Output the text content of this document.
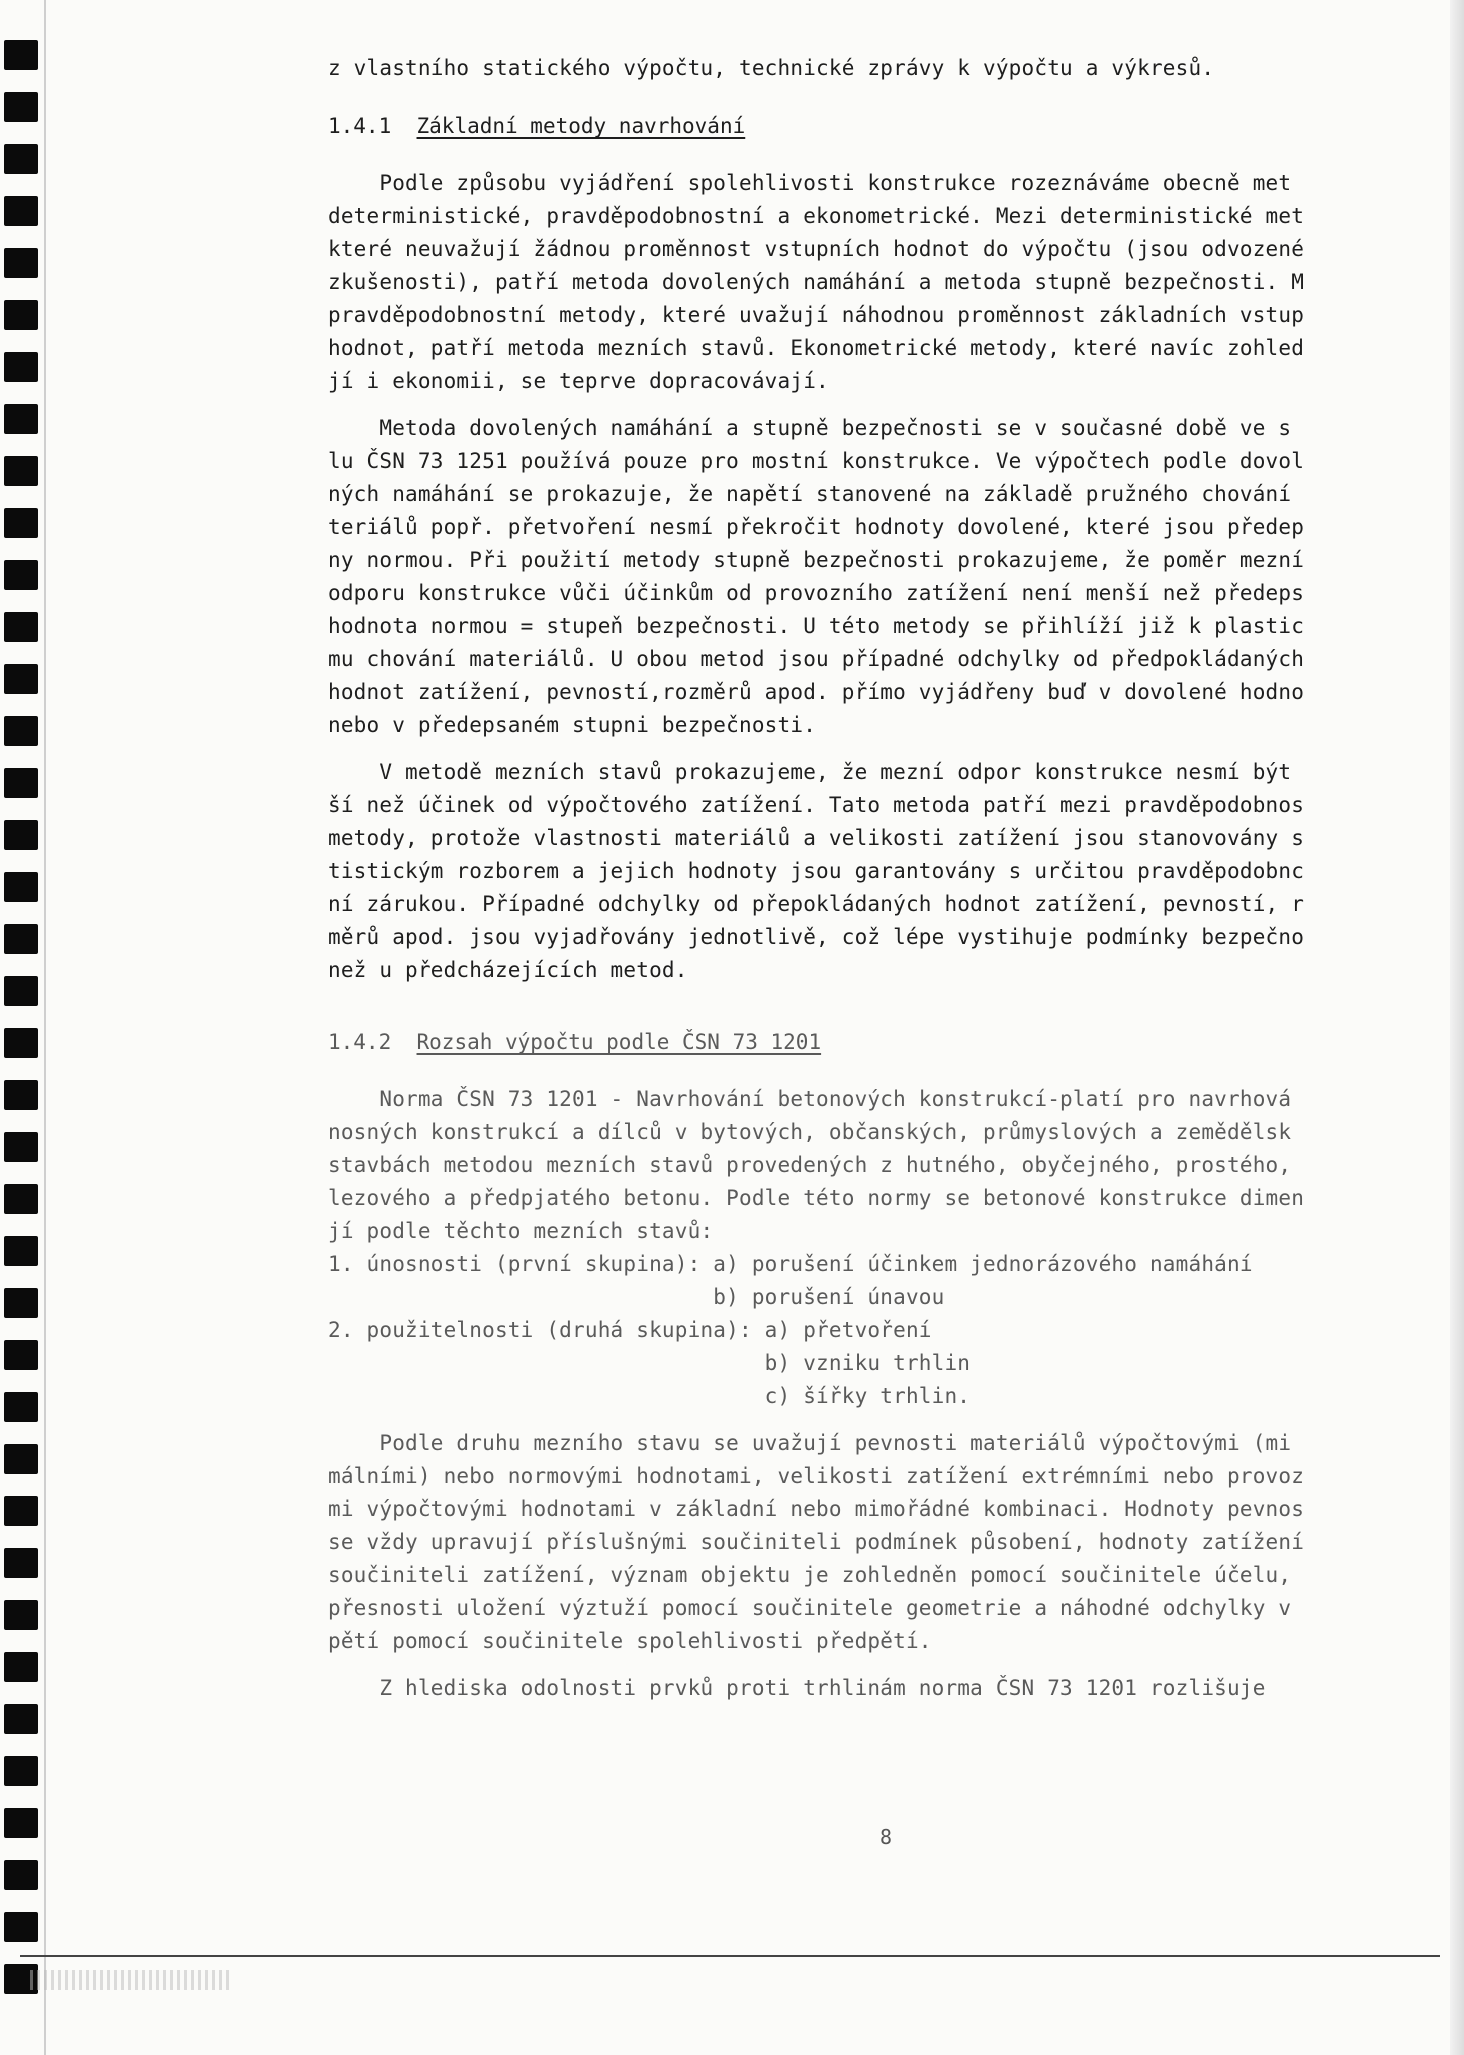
z vlastního statického výpočtu, technické zprávy k výpočtu a výkresů.
1.4.1 Základní metody navrhování
Podle způsobu vyjádření spolehlivosti konstrukce rozeznáváme obecně met
deterministické, pravděpodobnostní a ekonometrické. Mezi deterministické met
které neuvažují žádnou proměnnost vstupních hodnot do výpočtu (jsou odvozené
zkušenosti), patří metoda dovolených namáhání a metoda stupně bezpečnosti. M
pravděpodobnostní metody, které uvažují náhodnou proměnnost základních vstup
hodnot, patří metoda mezních stavů. Ekonometrické metody, které navíc zohled
jí i ekonomii, se teprve dopracovávají.
Metoda dovolených namáhání a stupně bezpečnosti se v současné době ve s
lu ČSN 73 1251 používá pouze pro mostní konstrukce. Ve výpočtech podle dovol
ných namáhání se prokazuje, že napětí stanovené na základě pružného chování
teriálů popř. přetvoření nesmí překročit hodnoty dovolené, které jsou předep
ny normou. Při použití metody stupně bezpečnosti prokazujeme, že poměr mezní
odporu konstrukce vůči účinkům od provozního zatížení není menší než předeps
hodnota normou = stupeň bezpečnosti. U této metody se přihlíží již k plastic
mu chování materiálů. U obou metod jsou případné odchylky od předpokládaných
hodnot zatížení, pevností,rozměrů apod. přímo vyjádřeny buď v dovolené hodno
nebo v předepsaném stupni bezpečnosti.
V metodě mezních stavů prokazujeme, že mezní odpor konstrukce nesmí být
ší než účinek od výpočtového zatížení. Tato metoda patří mezi pravděpodobnos
metody, protože vlastnosti materiálů a velikosti zatížení jsou stanovovány s
tistickým rozborem a jejich hodnoty jsou garantovány s určitou pravděpodobnc
ní zárukou. Případné odchylky od přepokládaných hodnot zatížení, pevností, r
měrů apod. jsou vyjadřovány jednotlivě, což lépe vystihuje podmínky bezpečno
než u předcházejících metod.
1.4.2 Rozsah výpočtu podle ČSN 73 1201
Norma ČSN 73 1201 - Navrhování betonových konstrukcí-platí pro navrhová
nosných konstrukcí a dílců v bytových, občanských, průmyslových a zemědělsk
stavbách metodou mezních stavů provedených z hutného, obyčejného, prostého,
lezového a předpjatého betonu. Podle této normy se betonové konstrukce dimen
jí podle těchto mezních stavů:
1. únosnosti (první skupina): a) porušení účinkem jednorázového namáhání
b) porušení únavou
2. použitelnosti (druhá skupina): a) přetvoření
b) vzniku trhlin
c) šířky trhlin.
Podle druhu mezního stavu se uvažují pevnosti materiálů výpočtovými (mi
málními) nebo normovými hodnotami, velikosti zatížení extrémními nebo provoz
mi výpočtovými hodnotami v základní nebo mimořádné kombinaci. Hodnoty pevnos
se vždy upravují příslušnými součiniteli podmínek působení, hodnoty zatížení
součiniteli zatížení, význam objektu je zohledněn pomocí součinitele účelu,
přesnosti uložení výztuží pomocí součinitele geometrie a náhodné odchylky v
pětí pomocí součinitele spolehlivosti předpětí.
Z hlediska odolnosti prvků proti trhlinám norma ČSN 73 1201 rozlišuje
8
